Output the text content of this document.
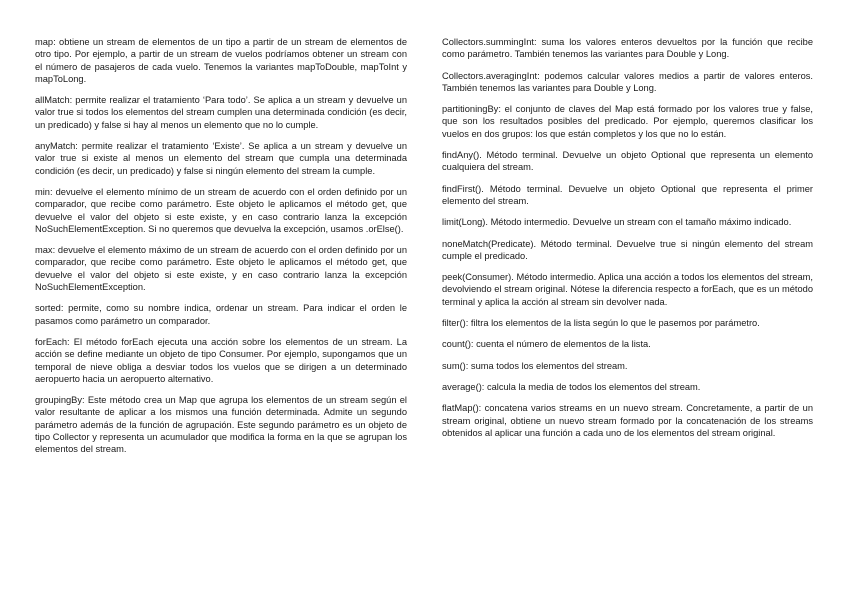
map: obtiene un stream de elementos de un tipo a partir de un stream de elementos de otro tipo. Por ejemplo, a partir de un stream de vuelos podríamos obtener un stream con el número de pasajeros de cada vuelo. Tenemos la variantes mapToDouble, mapToInt y mapToLong.

allMatch: permite realizar el tratamiento ‘Para todo’. Se aplica a un stream y devuelve un valor true si todos los elementos del stream cumplen una determinada condición (es decir, un predicado) y false si hay al menos un elemento que no lo cumple.

anyMatch: permite realizar el tratamiento ‘Existe’. Se aplica a un stream y devuelve un valor true si existe al menos un elemento del stream que cumpla una determinada condición (es decir, un predicado) y false si ningún elemento del stream la cumple.

min: devuelve el elemento mínimo de un stream de acuerdo con el orden definido por un comparador, que recibe como parámetro. Este objeto le aplicamos el método get, que devuelve el valor del objeto si este existe, y en caso contrario lanza la excepción NoSuchElementException. Si no queremos que devuelva la excepción, usamos .orElse().

max: devuelve el elemento máximo de un stream de acuerdo con el orden definido por un comparador, que recibe como parámetro. Este objeto le aplicamos el método get, que devuelve el valor del objeto si este existe, y en caso contrario lanza la excepción NoSuchElementException.

sorted: permite, como su nombre indica, ordenar un stream. Para indicar el orden le pasamos como parámetro un comparador.

forEach: El método forEach ejecuta una acción sobre los elementos de un stream. La acción se define mediante un objeto de tipo Consumer. Por ejemplo, supongamos que un temporal de nieve obliga a desviar todos los vuelos que se dirigen a un determinado aeropuerto hacia un aeropuerto alternativo.

groupingBy: Este método crea un Map que agrupa los elementos de un stream según el valor resultante de aplicar a los mismos una función determinada. Admite un segundo parámetro además de la función de agrupación. Este segundo parámetro es un objeto de tipo Collector y representa un acumulador que modifica la forma en la que se agrupan los elementos del stream.

Collectors.summingInt: suma los valores enteros devueltos por la función que recibe como parámetro. También tenemos las variantes para Double y Long.

Collectors.averagingInt: podemos calcular valores medios a partir de valores enteros. También tenemos las variantes para Double y Long.

partitioningBy: el conjunto de claves del Map está formado por los valores true y false, que son los resultados posibles del predicado. Por ejemplo, queremos clasificar los vuelos en dos grupos: los que están completos y los que no lo están.

findAny(). Método terminal. Devuelve un objeto Optional que representa un elemento cualquiera del stream.

findFirst(). Método terminal. Devuelve un objeto Optional que representa el primer elemento del stream.

limit(Long). Método intermedio. Devuelve un stream con el tamaño máximo indicado.

noneMatch(Predicate). Método terminal. Devuelve true si ningún elemento del stream cumple el predicado.

peek(Consumer). Método intermedio. Aplica una acción a todos los elementos del stream, devolviendo el stream original. Nótese la diferencia respecto a forEach, que es un método terminal y aplica la acción al stream sin devolver nada.

filter(): filtra los elementos de la lista según lo que le pasemos por parámetro.

count(): cuenta el número de elementos de la lista.

sum(): suma todos los elementos del stream.

average(): calcula la media de todos los elementos del stream.

flatMap(): concatena varios streams en un nuevo stream. Concretamente, a partir de un stream original, obtiene un nuevo stream formado por la concatenación de los streams obtenidos al aplicar una función a cada uno de los elementos del stream original.
